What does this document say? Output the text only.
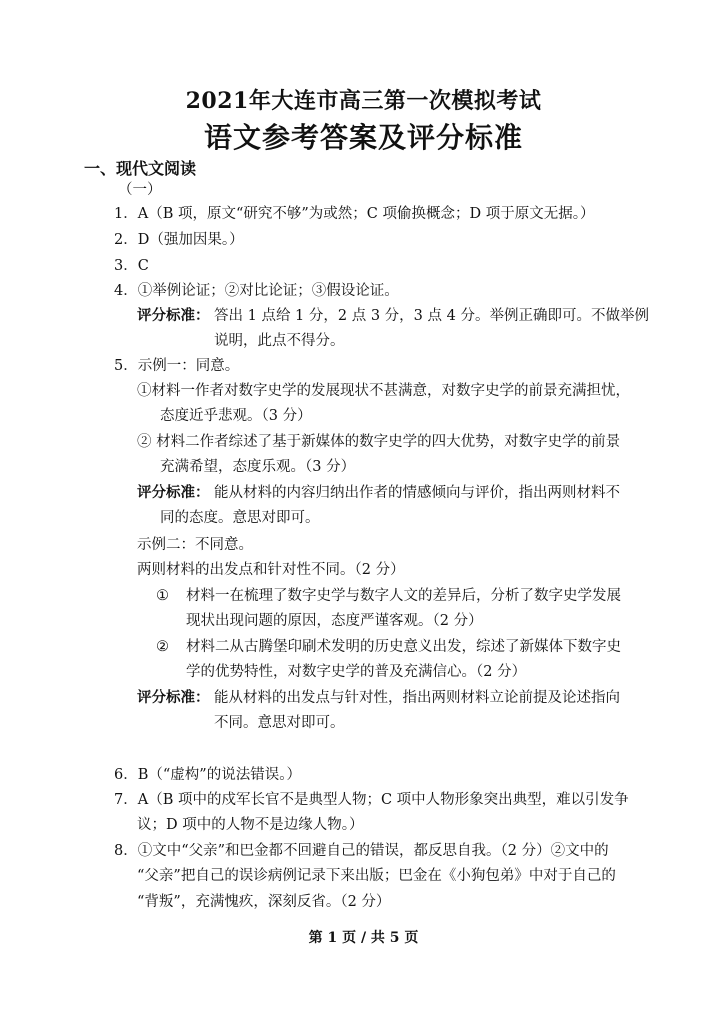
2021年大连市高三第一次模拟考试
语文参考答案及评分标准
一、现代文阅读
（一）
1．A（B 项，原文“研究不够”为或然；C 项偷换概念；D 项于原文无据。）
2．D（强加因果。）
3．C
4．①举例论证；②对比论证；③假设论证。
评分标准： 答出 1 点给 1 分，2 点 3 分，3 点 4 分。举例正确即可。不做举例
说明，此点不得分。
5．示例一：同意。
①材料一作者对数字史学的发展现状不甚满意，对数字史学的前景充满担忧，
态度近乎悲观。（3 分）
② 材料二作者综述了基于新媒体的数字史学的四大优势，对数字史学的前景
充满希望，态度乐观。（3 分）
评分标准： 能从材料的内容归纳出作者的情感倾向与评价，指出两则材料不
同的态度。意思对即可。
示例二：不同意。
两则材料的出发点和针对性不同。（2 分）
① 材料一在梳理了数字史学与数字人文的差异后，分析了数字史学发展
现状出现问题的原因，态度严谨客观。（2 分）
② 材料二从古腾堡印刷术发明的历史意义出发，综述了新媒体下数字史
学的优势特性，对数字史学的普及充满信心。（2 分）
评分标准： 能从材料的出发点与针对性，指出两则材料立论前提及论述指向
不同。意思对即可。
6．B（“虚构”的说法错误。）
7．A（B 项中的戍军长官不是典型人物；C 项中人物形象突出典型，难以引发争
议；D 项中的人物不是边缘人物。）
8．①文中“父亲”和巴金都不回避自己的错误，都反思自我。（2 分）②文中的
“父亲”把自己的误诊病例记录下来出版；巴金在《小狗包弟》中对于自己的
“背叛”，充满愧疚，深刻反省。（2 分）
第 1 页 / 共 5 页
